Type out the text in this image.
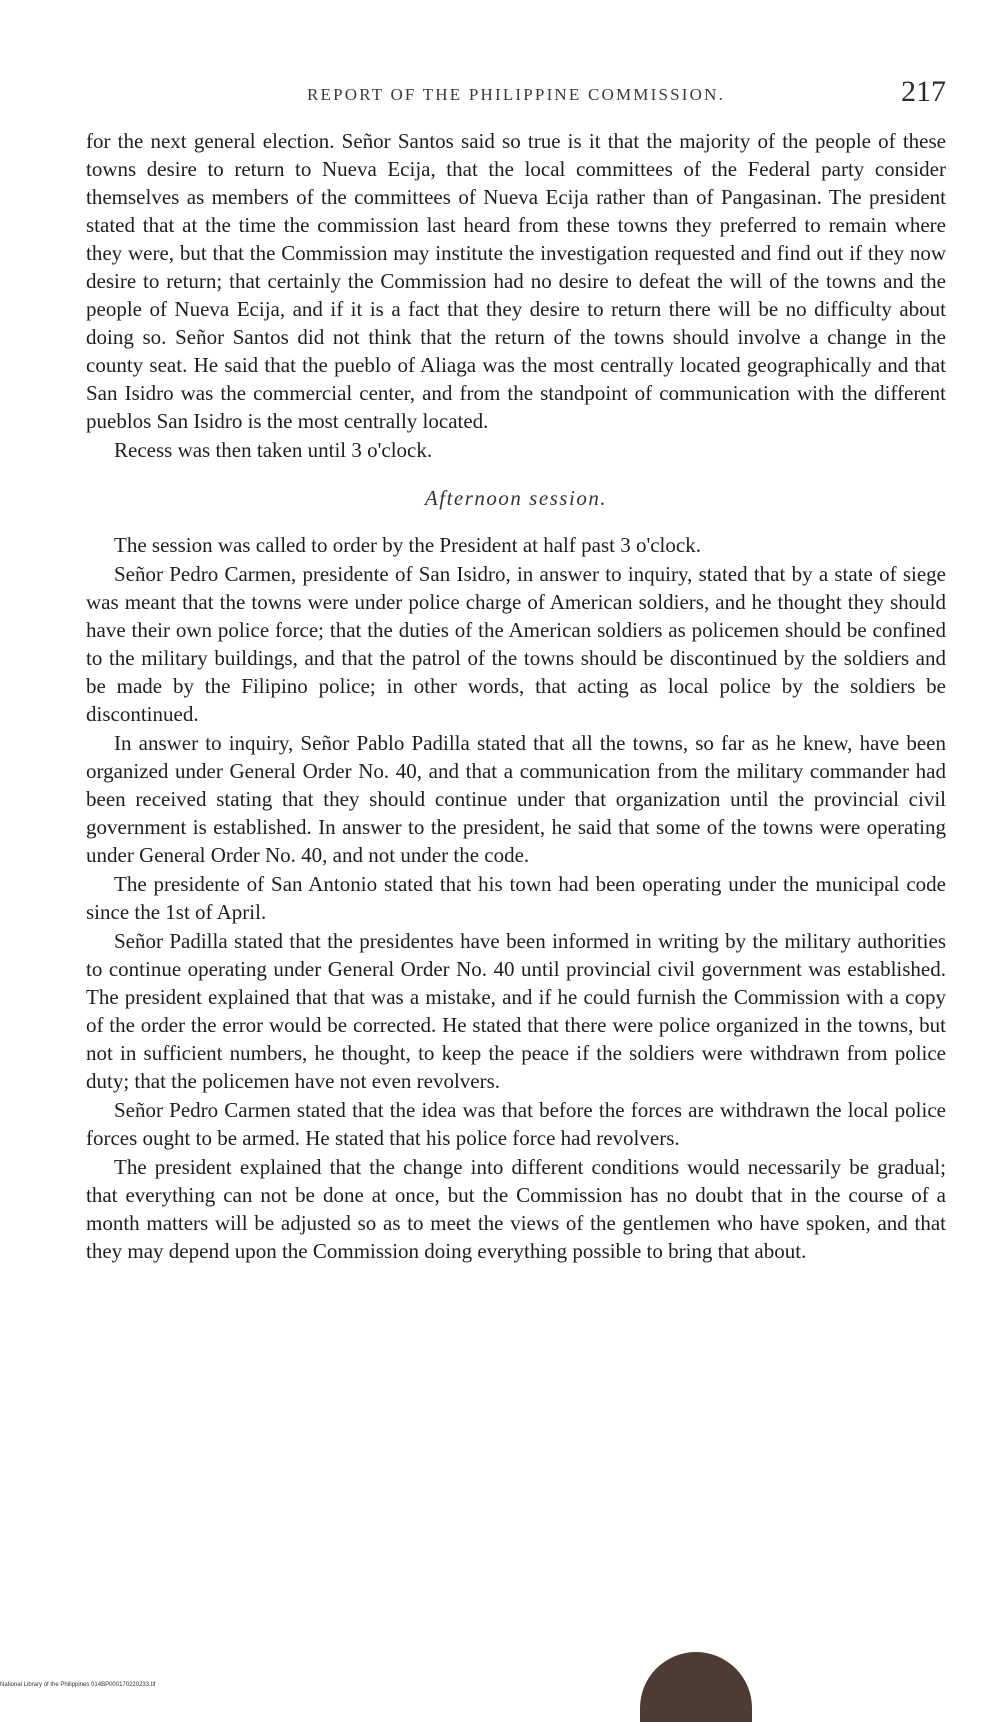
REPORT OF THE PHILIPPINE COMMISSION.	217

for the next general election. Señor Santos said so true is it that the majority of the people of these towns desire to return to Nueva Ecija, that the local committees of the Federal party consider themselves as members of the committees of Nueva Ecija rather than of Pangasinan. The president stated that at the time the commission last heard from these towns they preferred to remain where they were, but that the Commission may institute the investigation requested and find out if they now desire to return; that certainly the Commission had no desire to defeat the will of the towns and the people of Nueva Ecija, and if it is a fact that they desire to return there will be no difficulty about doing so. Señor Santos did not think that the return of the towns should involve a change in the county seat. He said that the pueblo of Aliaga was the most centrally located geographically and that San Isidro was the commercial center, and from the standpoint of communication with the different pueblos San Isidro is the most centrally located.

Recess was then taken until 3 o'clock.

Afternoon session.

The session was called to order by the President at half past 3 o'clock.

Señor Pedro Carmen, presidente of San Isidro, in answer to inquiry, stated that by a state of siege was meant that the towns were under police charge of American soldiers, and he thought they should have their own police force; that the duties of the American soldiers as policemen should be confined to the military buildings, and that the patrol of the towns should be discontinued by the soldiers and be made by the Filipino police; in other words, that acting as local police by the soldiers be discontinued.

In answer to inquiry, Señor Pablo Padilla stated that all the towns, so far as he knew, have been organized under General Order No. 40, and that a communication from the military commander had been received stating that they should continue under that organization until the provincial civil government is established. In answer to the president, he said that some of the towns were operating under General Order No. 40, and not under the code.

The presidente of San Antonio stated that his town had been operating under the municipal code since the 1st of April.

Señor Padilla stated that the presidentes have been informed in writing by the military authorities to continue operating under General Order No. 40 until provincial civil government was established. The president explained that that was a mistake, and if he could furnish the Commission with a copy of the order the error would be corrected. He stated that there were police organized in the towns, but not in sufficient numbers, he thought, to keep the peace if the soldiers were withdrawn from police duty; that the policemen have not even revolvers.

Señor Pedro Carmen stated that the idea was that before the forces are withdrawn the local police forces ought to be armed. He stated that his police force had revolvers.

The president explained that the change into different conditions would necessarily be gradual; that everything can not be done at once, but the Commission has no doubt that in the course of a month matters will be adjusted so as to meet the views of the gentlemen who have spoken, and that they may depend upon the Commission doing everything possible to bring that about.

National Library of the Philippines 014BP000170220233.tif
